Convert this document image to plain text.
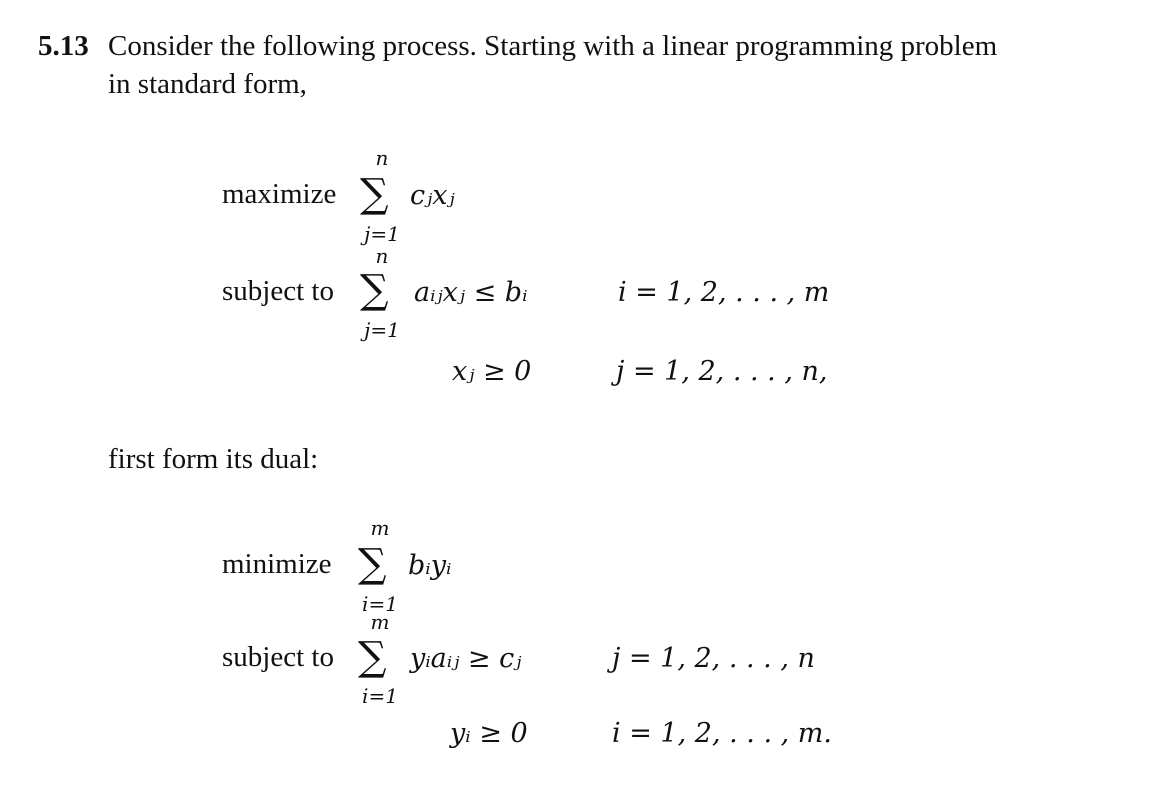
5.13 Consider the following process. Starting with a linear programming problem
in standard form,
maximize
n
∑
j=1
cⱼxⱼ
subject to
n
∑
j=1
aᵢⱼxⱼ ≤ bᵢ	i = 1, 2, . . . , m
xⱼ ≥ 0	j = 1, 2, . . . , n,
first form its dual:
minimize
m
∑
i=1
bᵢyᵢ
subject to
m
∑
i=1
yᵢaᵢⱼ ≥ cⱼ	j = 1, 2, . . . , n
yᵢ ≥ 0	i = 1, 2, . . . , m.
